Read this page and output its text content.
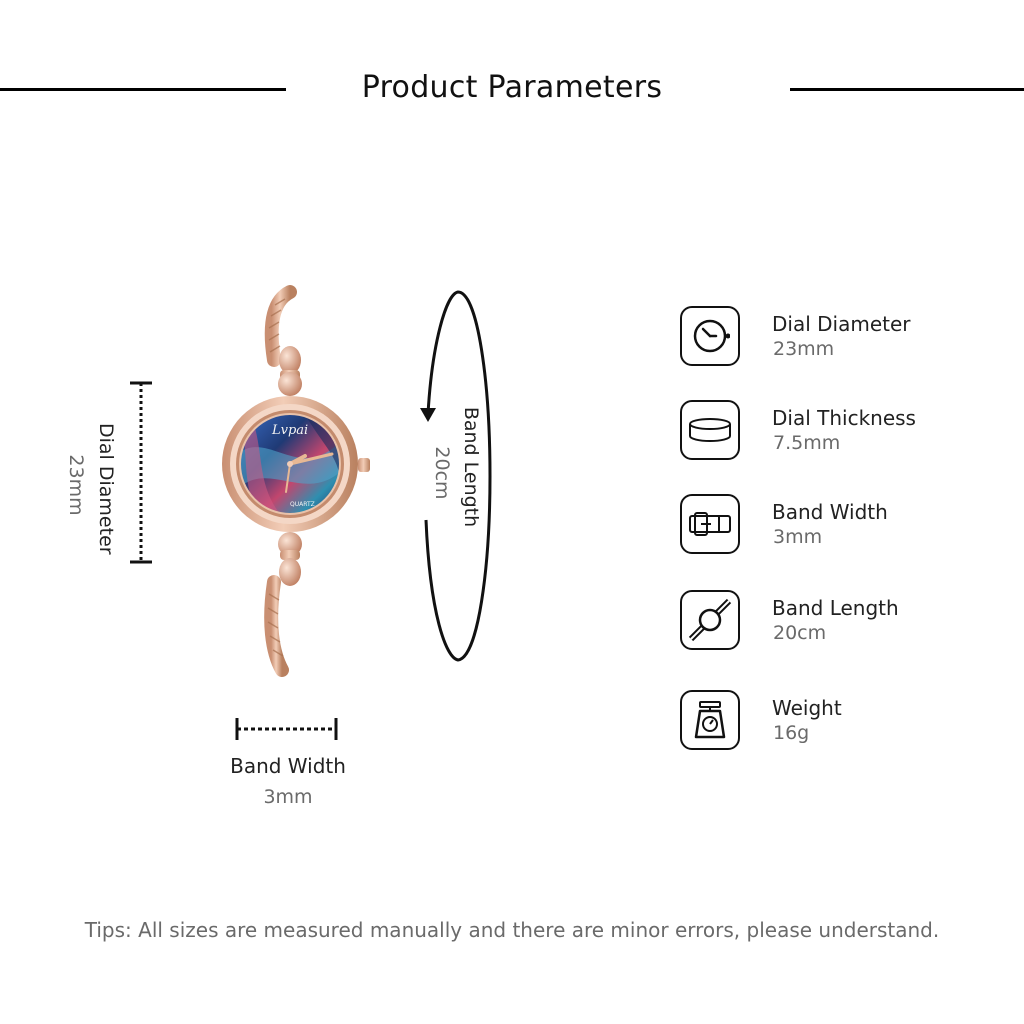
Product Parameters
Dial Diameter
23mm
Lvpai
QUARTZ	Band Length
20cm
Band Width
3mm
Dial Diameter
23mm
Dial Thickness
7.5mm
Band Width
3mm
Band Length
20cm
Weight
16g
Tips: All sizes are measured manually and there are minor errors, please understand.
